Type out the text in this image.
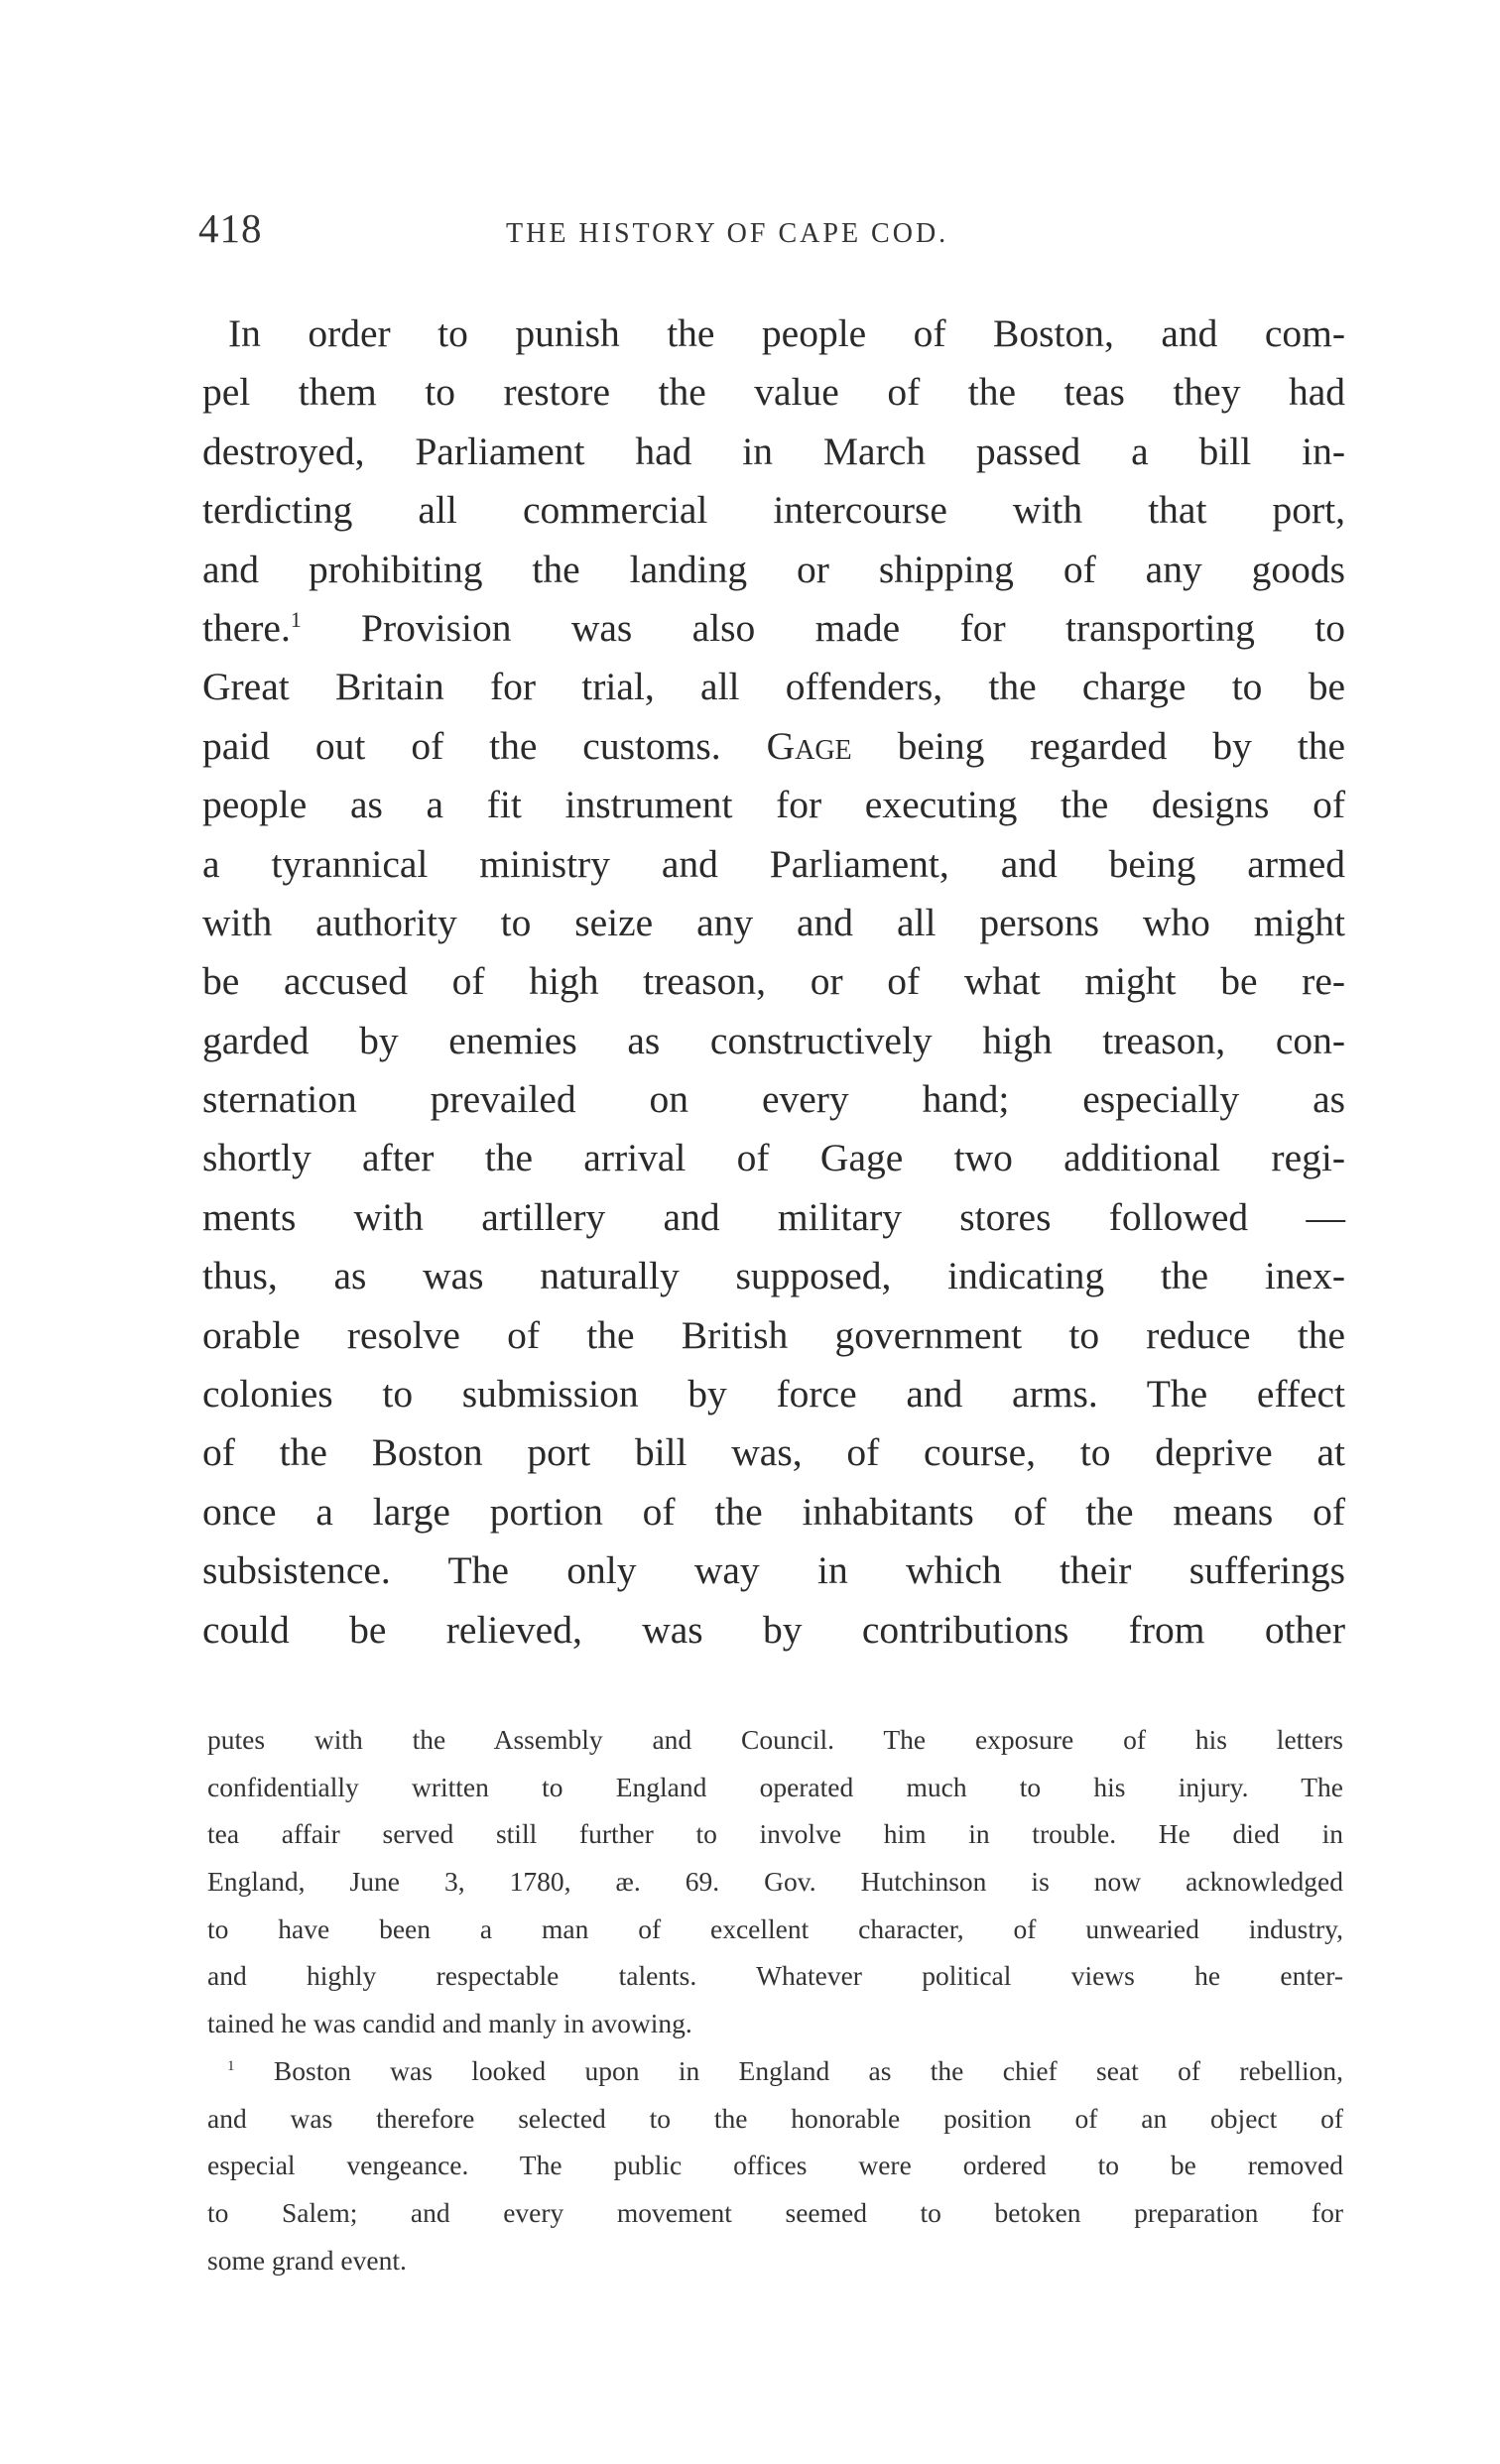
418	THE HISTORY OF CAPE COD.
In order to punish the people of Boston, and com-
pel them to restore the value of the teas they had
destroyed, Parliament had in March passed a bill in-
terdicting all commercial intercourse with that port,
and prohibiting the landing or shipping of any goods
there.$^1$ Provision was also made for transporting to
Great Britain for trial, all offenders, the charge to be
paid out of the customs. Gage being regarded by the
people as a fit instrument for executing the designs of
a tyrannical ministry and Parliament, and being armed
with authority to seize any and all persons who might
be accused of high treason, or of what might be re-
garded by enemies as constructively high treason, con-
sternation prevailed on every hand; especially as
shortly after the arrival of Gage two additional regi-
ments with artillery and military stores followed —
thus, as was naturally supposed, indicating the inex-
orable resolve of the British government to reduce the
colonies to submission by force and arms. The effect
of the Boston port bill was, of course, to deprive at
once a large portion of the inhabitants of the means of
subsistence. The only way in which their sufferings
could be relieved, was by contributions from other
putes with the Assembly and Council. The exposure of his letters
confidentially written to England operated much to his injury. The
tea affair served still further to involve him in trouble. He died in
England, June 3, 1780, æ. 69. Gov. Hutchinson is now acknowledged
to have been a man of excellent character, of unwearied industry,
and highly respectable talents. Whatever political views he enter-
tained he was candid and manly in avowing.
$^1$ Boston was looked upon in England as the chief seat of rebellion,
and was therefore selected to the honorable position of an object of
especial vengeance. The public offices were ordered to be removed
to Salem; and every movement seemed to betoken preparation for
some grand event.
